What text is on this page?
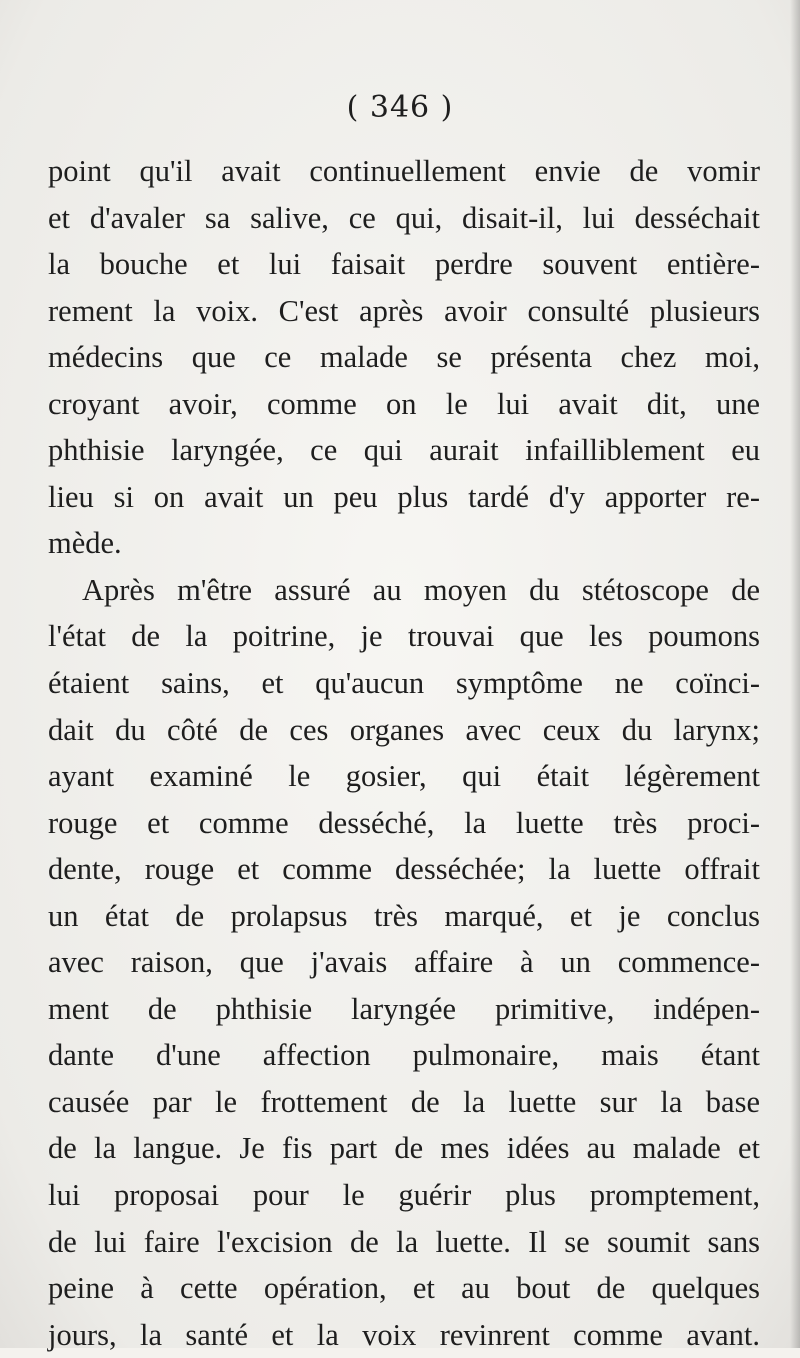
( 346 )
point qu'il avait continuellement envie de vomir
et d'avaler sa salive, ce qui, disait-il, lui desséchait
la bouche et lui faisait perdre souvent entière-
rement la voix. C'est après avoir consulté plusieurs
médecins que ce malade se présenta chez moi,
croyant avoir, comme on le lui avait dit, une
phthisie laryngée, ce qui aurait infailliblement eu
lieu si on avait un peu plus tardé d'y apporter re-
mède.
Après m'être assuré au moyen du stétoscope de
l'état de la poitrine, je trouvai que les poumons
étaient sains, et qu'aucun symptôme ne coïnci-
dait du côté de ces organes avec ceux du larynx;
ayant examiné le gosier, qui était légèrement
rouge et comme desséché, la luette très proci-
dente, rouge et comme desséchée; la luette offrait
un état de prolapsus très marqué, et je conclus
avec raison, que j'avais affaire à un commence-
ment de phthisie laryngée primitive, indépen-
dante d'une affection pulmonaire, mais étant
causée par le frottement de la luette sur la base
de la langue. Je fis part de mes idées au malade et
lui proposai pour le guérir plus promptement,
de lui faire l'excision de la luette. Il se soumit sans
peine à cette opération, et au bout de quelques
jours, la santé et la voix revinrent comme avant.
